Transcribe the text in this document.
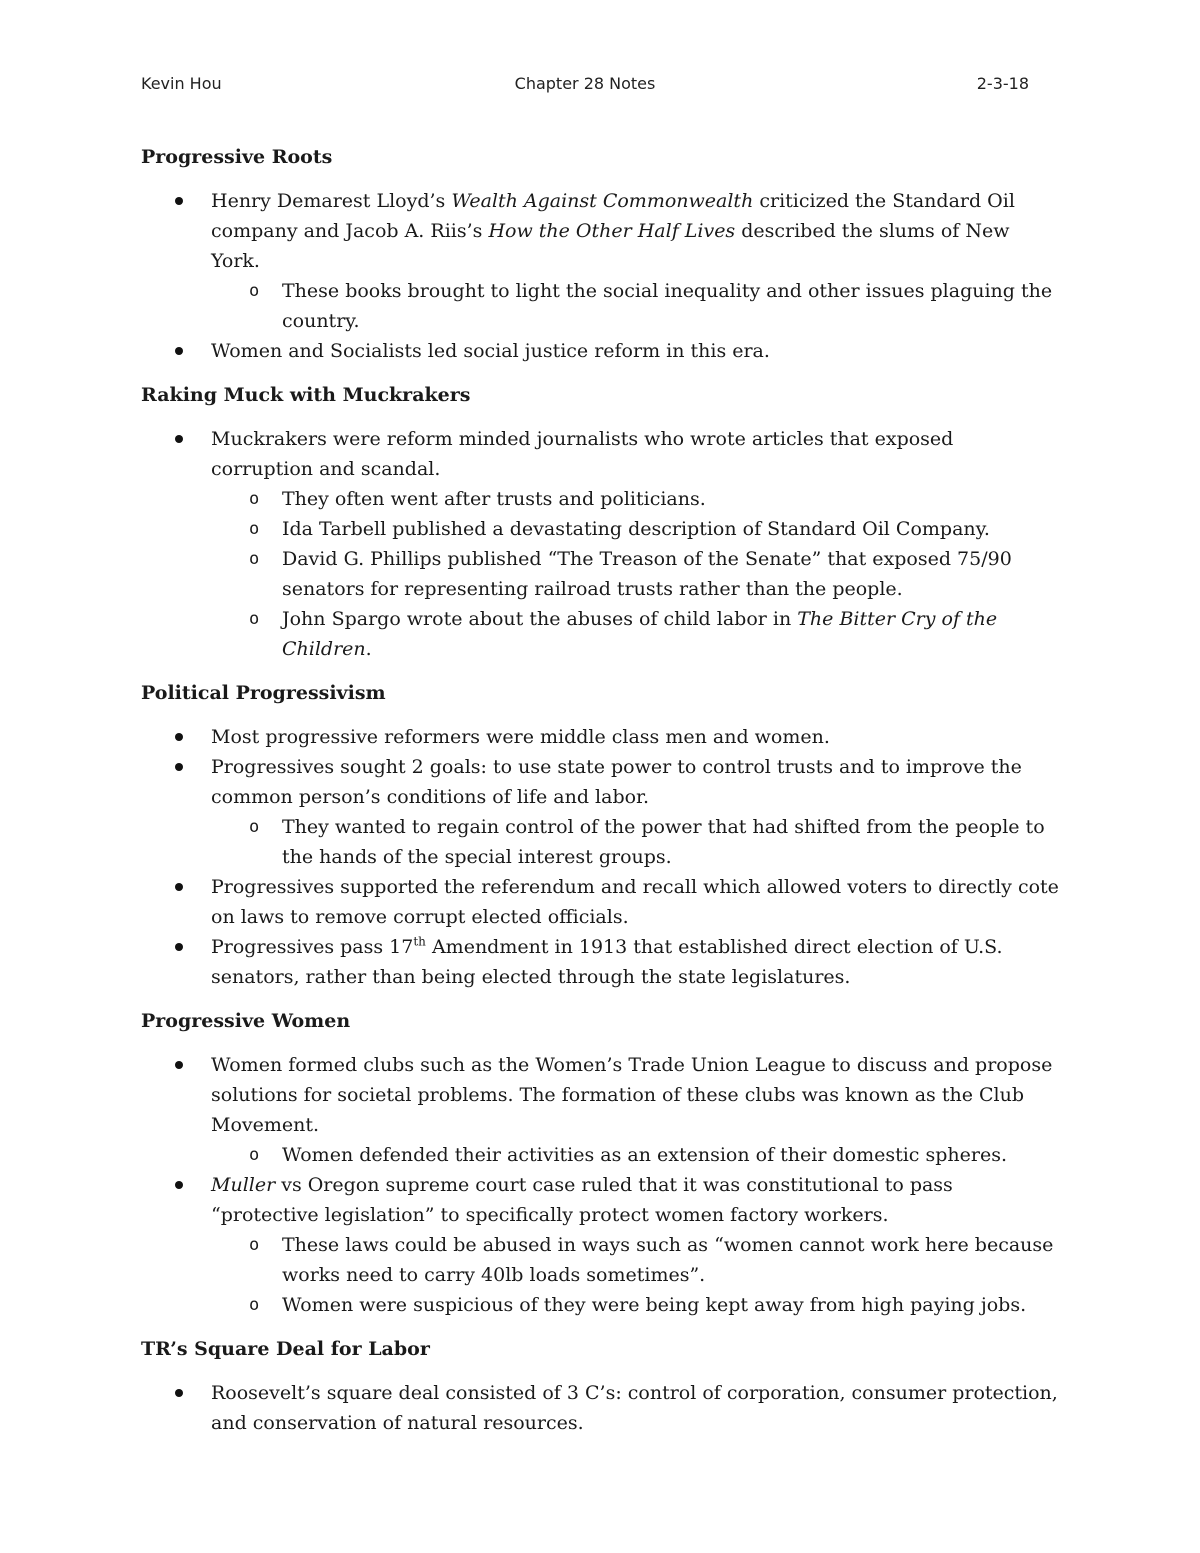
Kevin Hou	Chapter 28 Notes	2-3-18
Progressive Roots
Henry Demarest Lloyd’s Wealth Against Commonwealth criticized the Standard Oil company and Jacob A. Riis’s How the Other Half Lives described the slums of New York.
o These books brought to light the social inequality and other issues plaguing the country.
Women and Socialists led social justice reform in this era.
Raking Muck with Muckrakers
Muckrakers were reform minded journalists who wrote articles that exposed corruption and scandal.
o They often went after trusts and politicians.
o Ida Tarbell published a devastating description of Standard Oil Company.
o David G. Phillips published “The Treason of the Senate” that exposed 75/90 senators for representing railroad trusts rather than the people.
o John Spargo wrote about the abuses of child labor in The Bitter Cry of the Children.
Political Progressivism
Most progressive reformers were middle class men and women.
Progressives sought 2 goals: to use state power to control trusts and to improve the common person’s conditions of life and labor.
o They wanted to regain control of the power that had shifted from the people to the hands of the special interest groups.
Progressives supported the referendum and recall which allowed voters to directly cote on laws to remove corrupt elected officials.
Progressives pass 17th Amendment in 1913 that established direct election of U.S. senators, rather than being elected through the state legislatures.
Progressive Women
Women formed clubs such as the Women’s Trade Union League to discuss and propose solutions for societal problems. The formation of these clubs was known as the Club Movement.
o Women defended their activities as an extension of their domestic spheres.
Muller vs Oregon supreme court case ruled that it was constitutional to pass “protective legislation” to specifically protect women factory workers.
o These laws could be abused in ways such as “women cannot work here because works need to carry 40lb loads sometimes”.
o Women were suspicious of they were being kept away from high paying jobs.
TR’s Square Deal for Labor
Roosevelt’s square deal consisted of 3 C’s: control of corporation, consumer protection, and conservation of natural resources.
